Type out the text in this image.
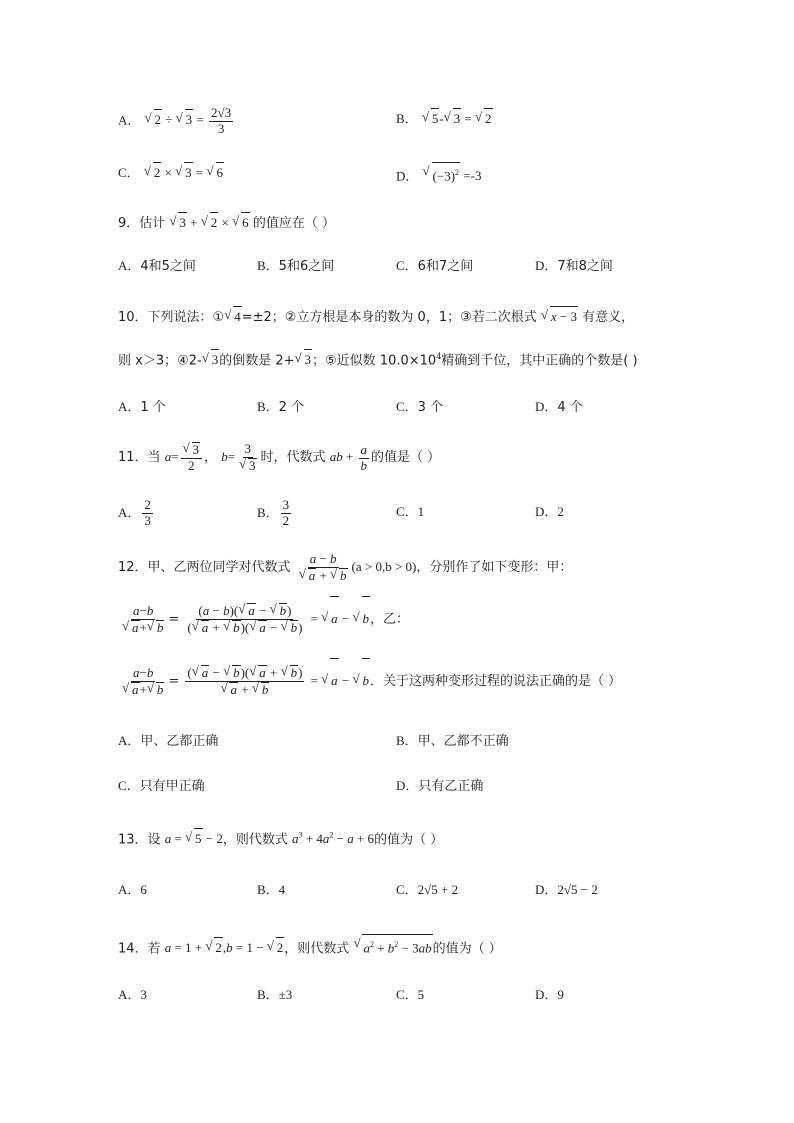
A． √ 2 ÷ √ $3 = \frac{2√3}{3}$	B． √ 5- √ 3 = √ 2
C． √ 2 × √ 3 = √ 6	D． √ $(-3)^2 =-3$
9．估计 √ 3 + √ 2 × √ 6 的值应在（ ）
A．4和5之间	B．5和6之间	C．6和7之间	D．7和8之间
10．下列说法：① √ 4=±2；②立方根是本身的数为 0，1；③若二次根式 √ x − 3 有意义，
则 x＞3；④2- √ 3的倒数是 2+ √ 3；⑤近似数 $10.0\times 10^4$精确到千位，其中正确的个数是( )
A．1 个	B．2 个	C．3 个	D．4 个
11．当 a= √ $\frac{3}{2}$ ， b= 3
√ 3 时，代数式 ab + $\frac{a}{b}$ 的值是（ ）
A． $\frac{2}{3}$	B． $\frac{3}{2}$	C．1	D．2
12．甲、乙两位同学对代数式 a − b
√ a + √ b (a > 0,b > 0)，分别作了如下变形：甲：
a−b
√ a+ √ $b = \frac{(a - b)( √ a - √ b)}{( √ a + √ b)( √ a - √ b)}$ = √ a − √ b，乙：
a−b
√ a+ √ b = ( √ a − √ b)( √ a + √ b)
√ a + √ b = √ a − √ b．关于这两种变形过程的说法正确的是（ ）
A．甲、乙都正确	B．甲、乙都不正确
C．只有甲正确	D．只有乙正确
13．设 a = √ 5 − 2，则代数式 $a^3 + 4a^2 - a + 6$的值为（ ）
A．6	B．4	C．2√5 + 2	D．2√5 − 2
14．若 a = 1 + √ 2,b = 1 − √ 2，则代数式 √ $a^2 + b^2 - 3ab$的值为（ ）
A．3	B．±3	C．5	D．9
